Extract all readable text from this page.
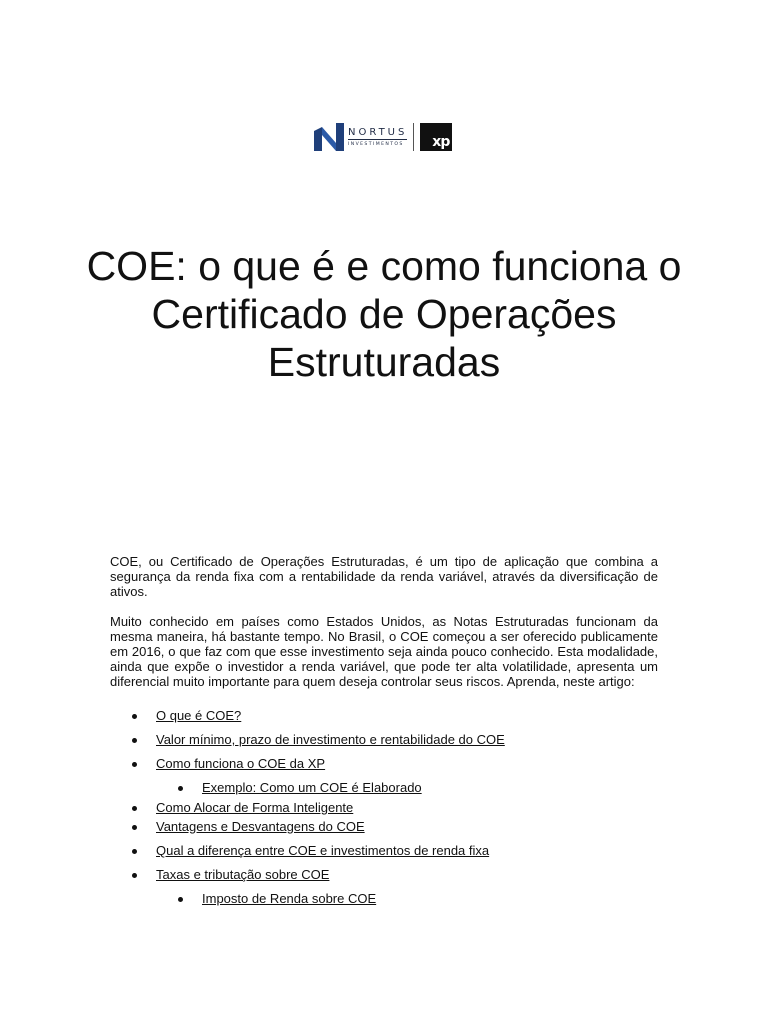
NORTUS
INVESTIMENTOS xp
COE: o que é e como funciona o Certificado de Operações Estruturadas

COE, ou Certificado de Operações Estruturadas, é um tipo de aplicação que combina a segurança da renda fixa com a rentabilidade da renda variável, através da diversificação de ativos.

Muito conhecido em países como Estados Unidos, as Notas Estruturadas funcionam da mesma maneira, há bastante tempo. No Brasil, o COE começou a ser oferecido publicamente em 2016, o que faz com que esse investimento seja ainda pouco conhecido. Esta modalidade, ainda que expõe o investidor a renda variável, que pode ter alta volatilidade, apresenta um diferencial muito importante para quem deseja controlar seus riscos. Aprenda, neste artigo:

O que é COE?
Valor mínimo, prazo de investimento e rentabilidade do COE
Como funciona o COE da XP
Exemplo: Como um COE é Elaborado
Como Alocar de Forma Inteligente
Vantagens e Desvantagens do COE
Qual a diferença entre COE e investimentos de renda fixa
Taxas e tributação sobre COE
Imposto de Renda sobre COE
